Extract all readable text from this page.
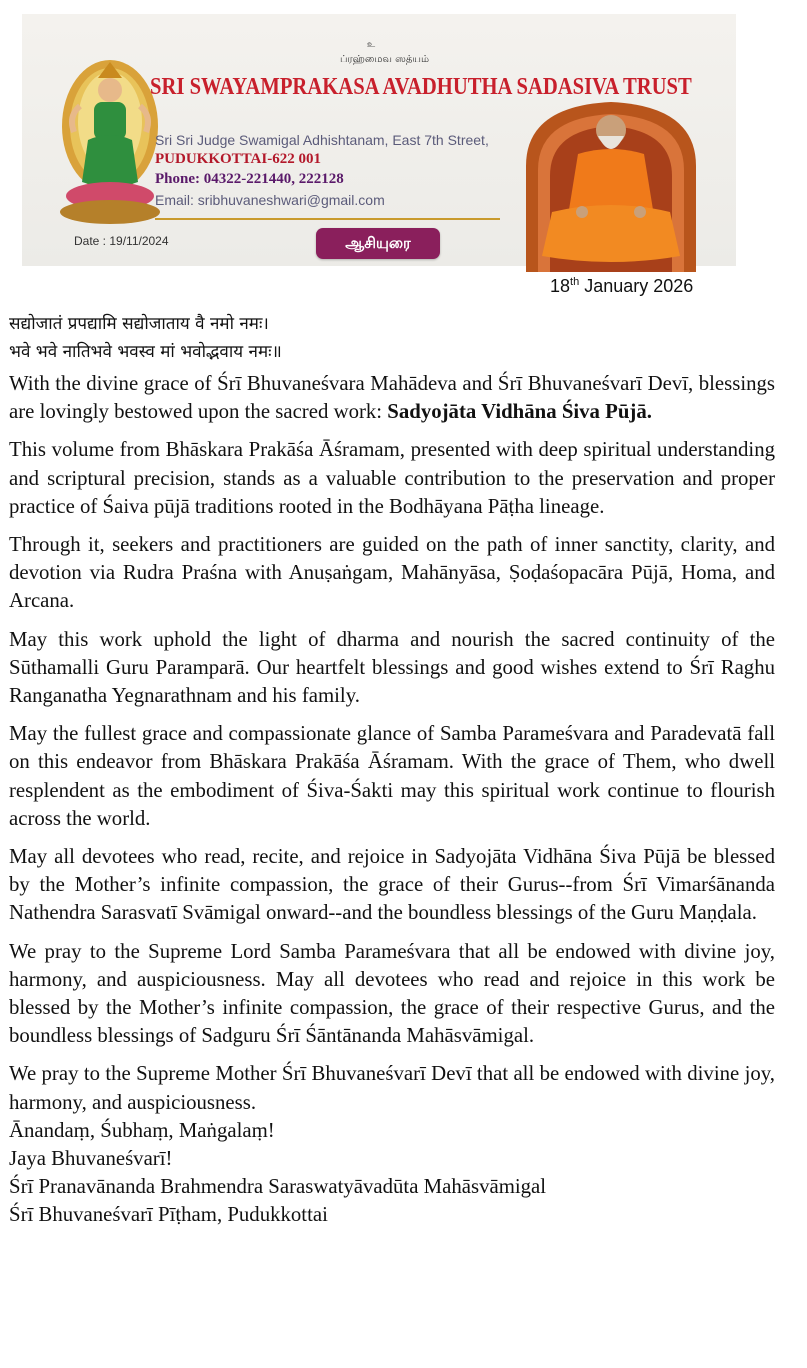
உ
ப்ரஹ்மைவ ஸத்யம்
SRI SWAYAMPRAKASA AVADHUTHA SADASIVA TRUST
Sri Sri Judge Swamigal Adhishtanam, East 7th Street,
PUDUKKOTTAI-622 001
Phone: 04322-221440, 222128
Email: sribhuvaneshwari@gmail.com
Date : 19/11/2024	ஆசியுரை
18th January 2026
सद्योजातं प्रपद्यामि सद्योजाताय वै नमो नमः।
भवे भवे नातिभवे भवस्व मां भवोद्भवाय नमः॥

With the divine grace of Śrī Bhuvaneśvara Mahādeva and Śrī Bhuvaneśvarī Devī, blessings are lovingly bestowed upon the sacred work: Sadyojāta Vidhāna Śiva Pūjā.

This volume from Bhāskara Prakāśa Āśramam, presented with deep spiritual understanding and scriptural precision, stands as a valuable contribution to the preservation and proper practice of Śaiva pūjā traditions rooted in the Bodhāyana Pāṭha lineage.

Through it, seekers and practitioners are guided on the path of inner sanctity, clarity, and devotion via Rudra Praśna with Anuṣaṅgam, Mahānyāsa, Ṣoḍaśopacāra Pūjā, Homa, and Arcana.

May this work uphold the light of dharma and nourish the sacred continuity of the Sūthamalli Guru Paramparā. Our heartfelt blessings and good wishes extend to Śrī Raghu Ranganatha Yegnarathnam and his family.

May the fullest grace and compassionate glance of Samba Parameśvara and Paradevatā fall on this endeavor from Bhāskara Prakāśa Āśramam. With the grace of Them, who dwell resplendent as the embodiment of Śiva-Śakti may this spiritual work continue to flourish across the world.

May all devotees who read, recite, and rejoice in Sadyojāta Vidhāna Śiva Pūjā be blessed by the Mother’s infinite compassion, the grace of their Gurus--from Śrī Vimarśānanda Nathendra Sarasvatī Svāmigal onward--and the boundless blessings of the Guru Maṇḍala.

We pray to the Supreme Lord Samba Parameśvara that all be endowed with divine joy, harmony, and auspiciousness. May all devotees who read and rejoice in this work be blessed by the Mother’s infinite compassion, the grace of their respective Gurus, and the boundless blessings of Sadguru Śrī Śāntānanda Mahāsvāmigal.

We pray to the Supreme Mother Śrī Bhuvaneśvarī Devī that all be endowed with divine joy, harmony, and auspiciousness.

Ānandaṃ, Śubhaṃ, Maṅgalaṃ!

Jaya Bhuvaneśvarī!

Śrī Pranavānanda Brahmendra Saraswatyāvadūta Mahāsvāmigal

Śrī Bhuvaneśvarī Pīṭham, Pudukkottai
